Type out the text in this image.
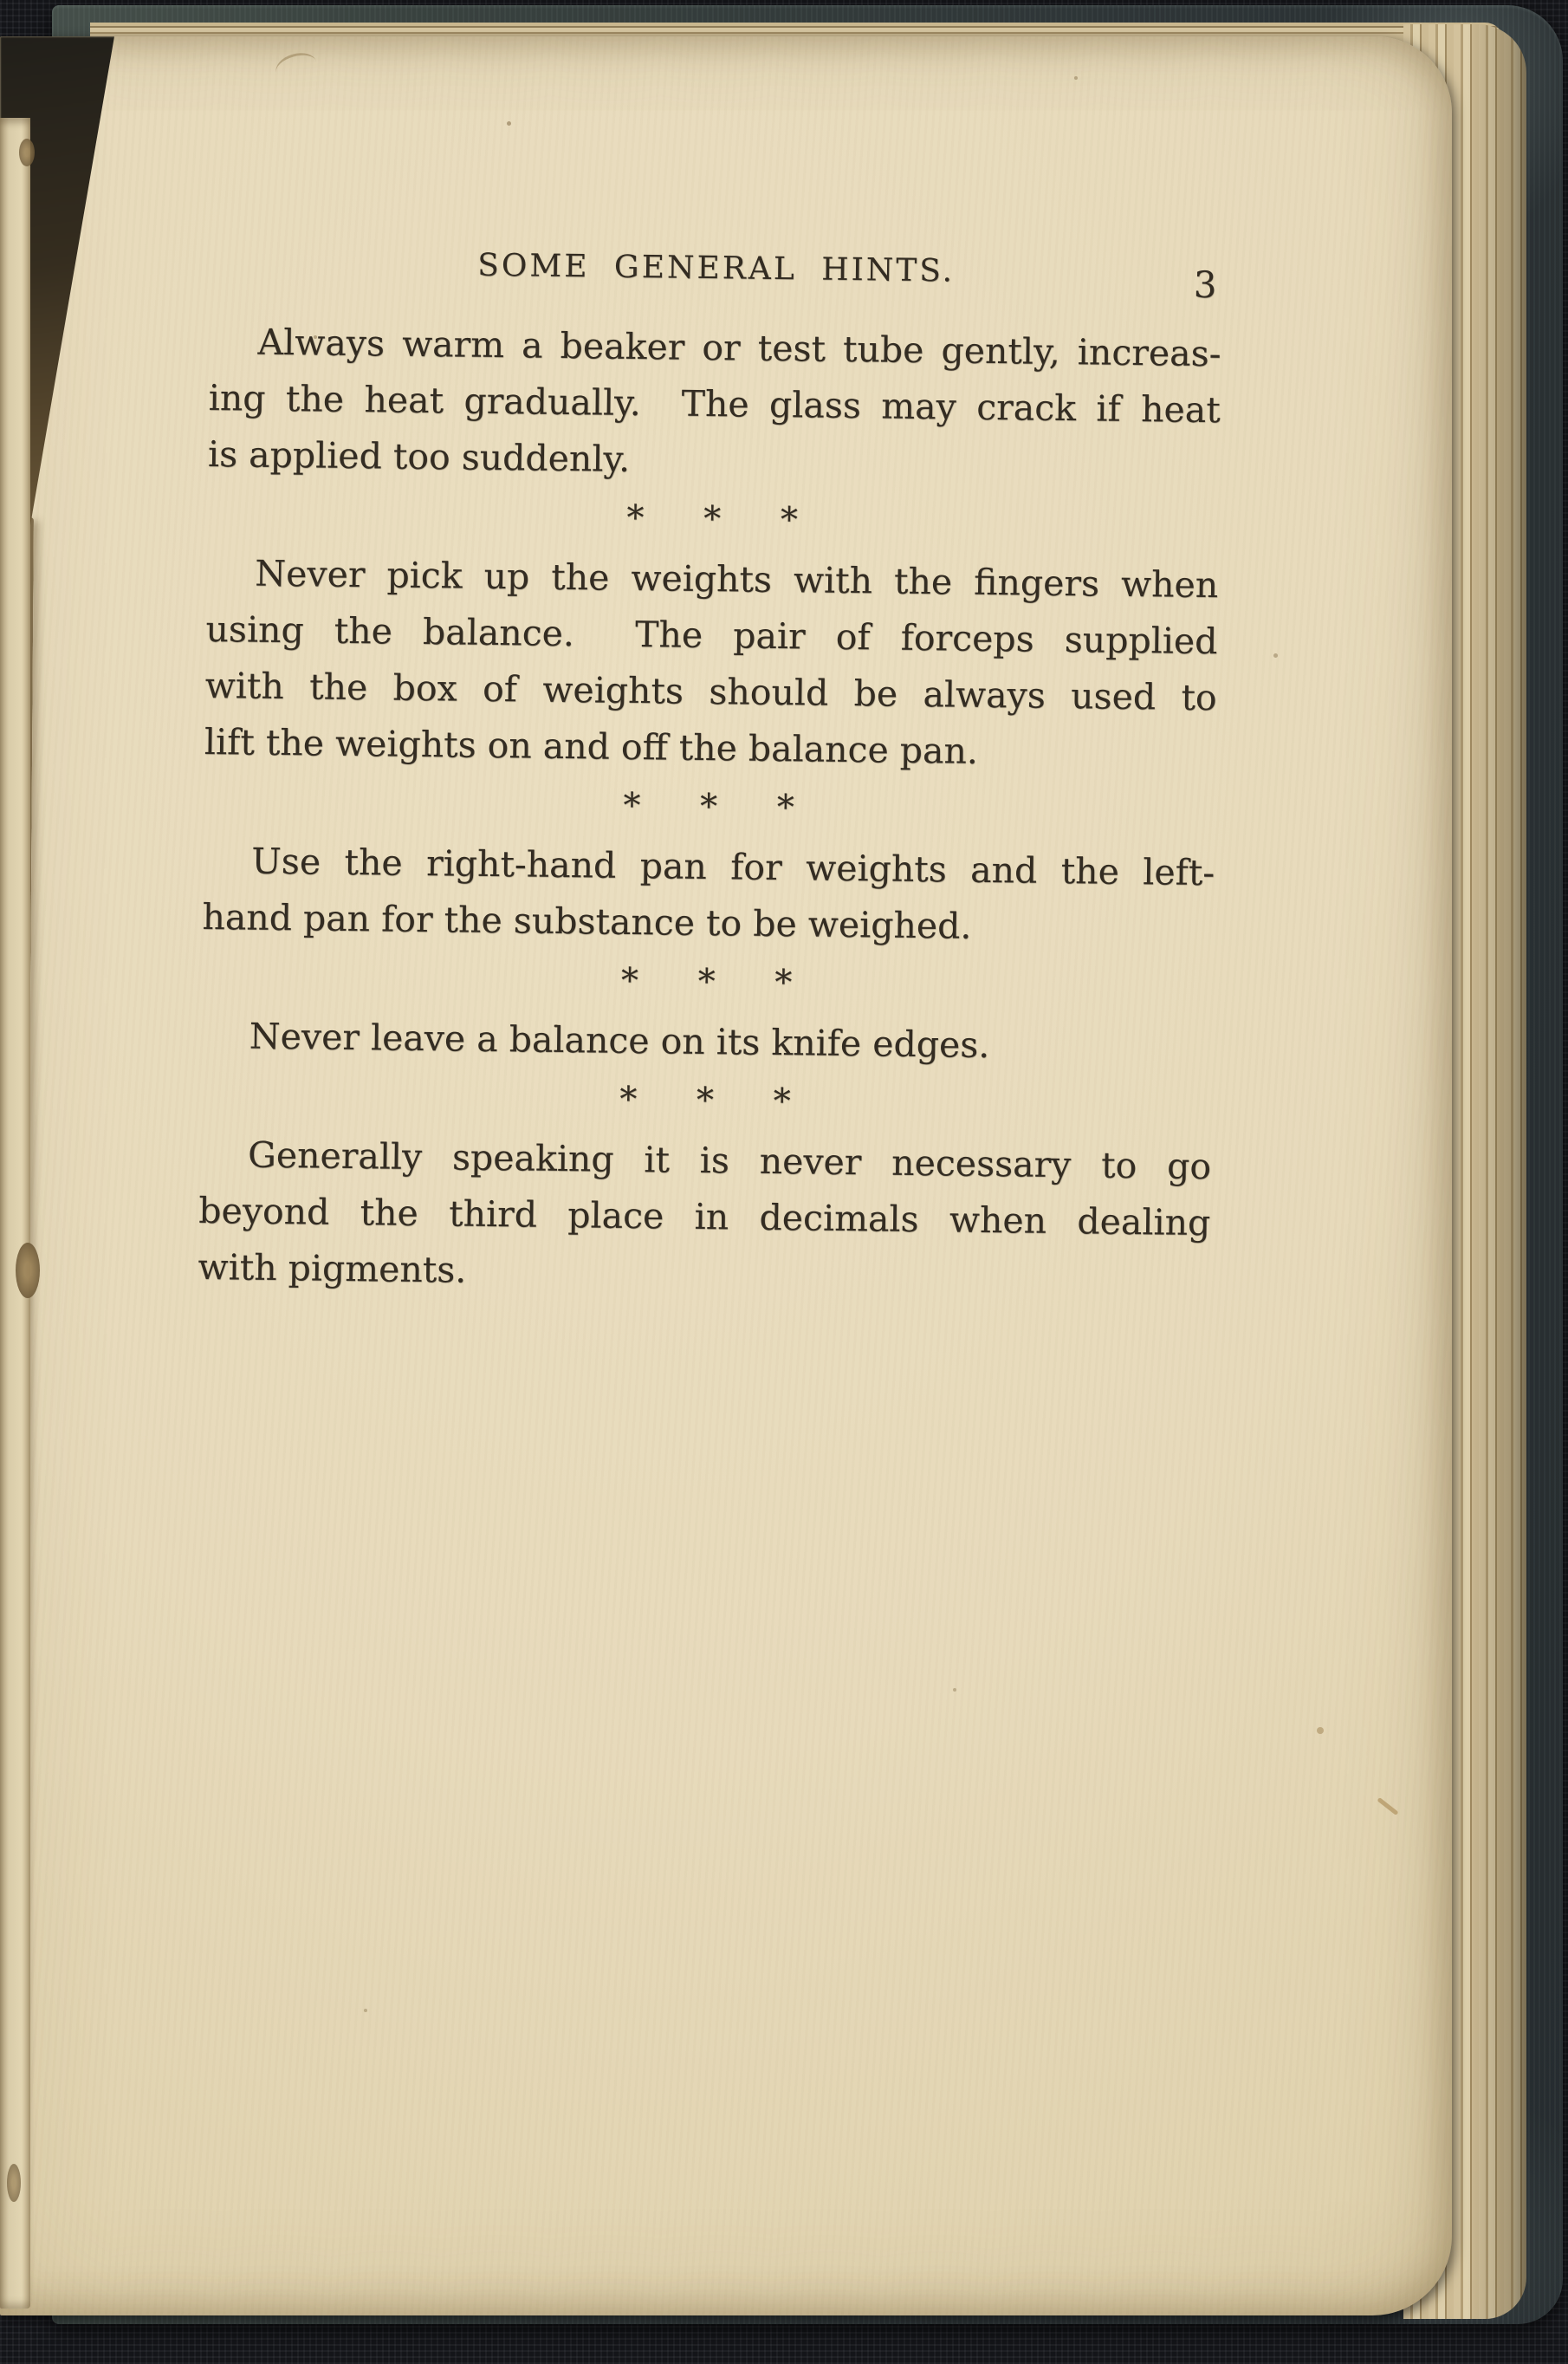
SOME GENERAL HINTS.	3
Always warm a beaker or test tube gently, increas-
ing the heat gradually.  The glass may crack if heat
is applied too suddenly.
* * *
Never pick up the weights with the fingers when
using the balance.  The pair of forceps supplied
with the box of weights should be always used to
lift the weights on and off the balance pan.
* * *
Use the right-hand pan for weights and the left-
hand pan for the substance to be weighed.
* * *
Never leave a balance on its knife edges.
* * *
Generally speaking it is never necessary to go
beyond the third place in decimals when dealing
with pigments.
